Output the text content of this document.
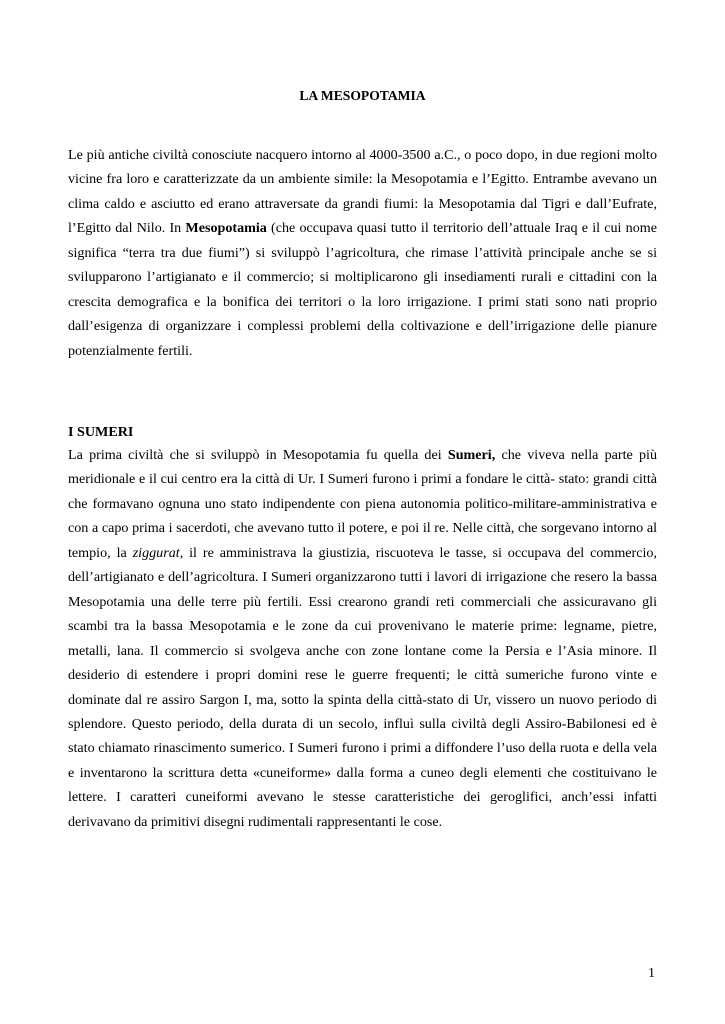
LA MESOPOTAMIA

Le più antiche civiltà conosciute nacquero intorno al 4000-3500 a.C., o poco dopo, in due regioni molto vicine fra loro e caratterizzate da un ambiente simile: la Mesopotamia e l’Egitto. Entrambe avevano un clima caldo e asciutto ed erano attraversate da grandi fiumi: la Mesopotamia dal Tigri e dall’Eufrate, l’Egitto dal Nilo. In Mesopotamia (che occupava quasi tutto il territorio dell’attuale Iraq e il cui nome significa “terra tra due fiumi”) si sviluppò l’agricoltura, che rimase l’attività principale anche se si svilupparono l’artigianato e il commercio; si moltiplicarono gli insediamenti rurali e cittadini con la crescita demografica e la bonifica dei territori o la loro irrigazione. I primi stati sono nati proprio dall’esigenza di organizzare i complessi problemi della coltivazione e dell’irrigazione delle pianure potenzialmente fertili.

I SUMERI

La prima civiltà che si sviluppò in Mesopotamia fu quella dei Sumeri, che viveva nella parte più meridionale e il cui centro era la città di Ur. I Sumeri furono i primi a fondare le città- stato: grandi città che formavano ognuna uno stato indipendente con piena autonomia politico-militare-amministrativa e con a capo prima i sacerdoti, che avevano tutto il potere, e poi il re. Nelle città, che sorgevano intorno al tempio, la ziggurat, il re amministrava la giustizia, riscuoteva le tasse, si occupava del commercio, dell’artigianato e dell’agricoltura. I Sumeri organizzarono tutti i lavori di irrigazione che resero la bassa Mesopotamia una delle terre più fertili. Essi crearono grandi reti commerciali che assicuravano gli scambi tra la bassa Mesopotamia e le zone da cui provenivano le materie prime: legname, pietre, metalli, lana. Il commercio si svolgeva anche con zone lontane come la Persia e l’Asia minore. Il desiderio di estendere i propri domini rese le guerre frequenti; le città sumeriche furono vinte e dominate dal re assiro Sargon I, ma, sotto la spinta della città-stato di Ur, vissero un nuovo periodo di splendore. Questo periodo, della durata di un secolo, influì sulla civiltà degli Assiro-Babilonesi ed è stato chiamato rinascimento sumerico. I Sumeri furono i primi a diffondere l’uso della ruota e della vela e inventarono la scrittura detta «cuneiforme» dalla forma a cuneo degli elementi che costituivano le lettere. I caratteri cuneiformi avevano le stesse caratteristiche dei geroglifici, anch’essi infatti derivavano da primitivi disegni rudimentali rappresentanti le cose.

1
